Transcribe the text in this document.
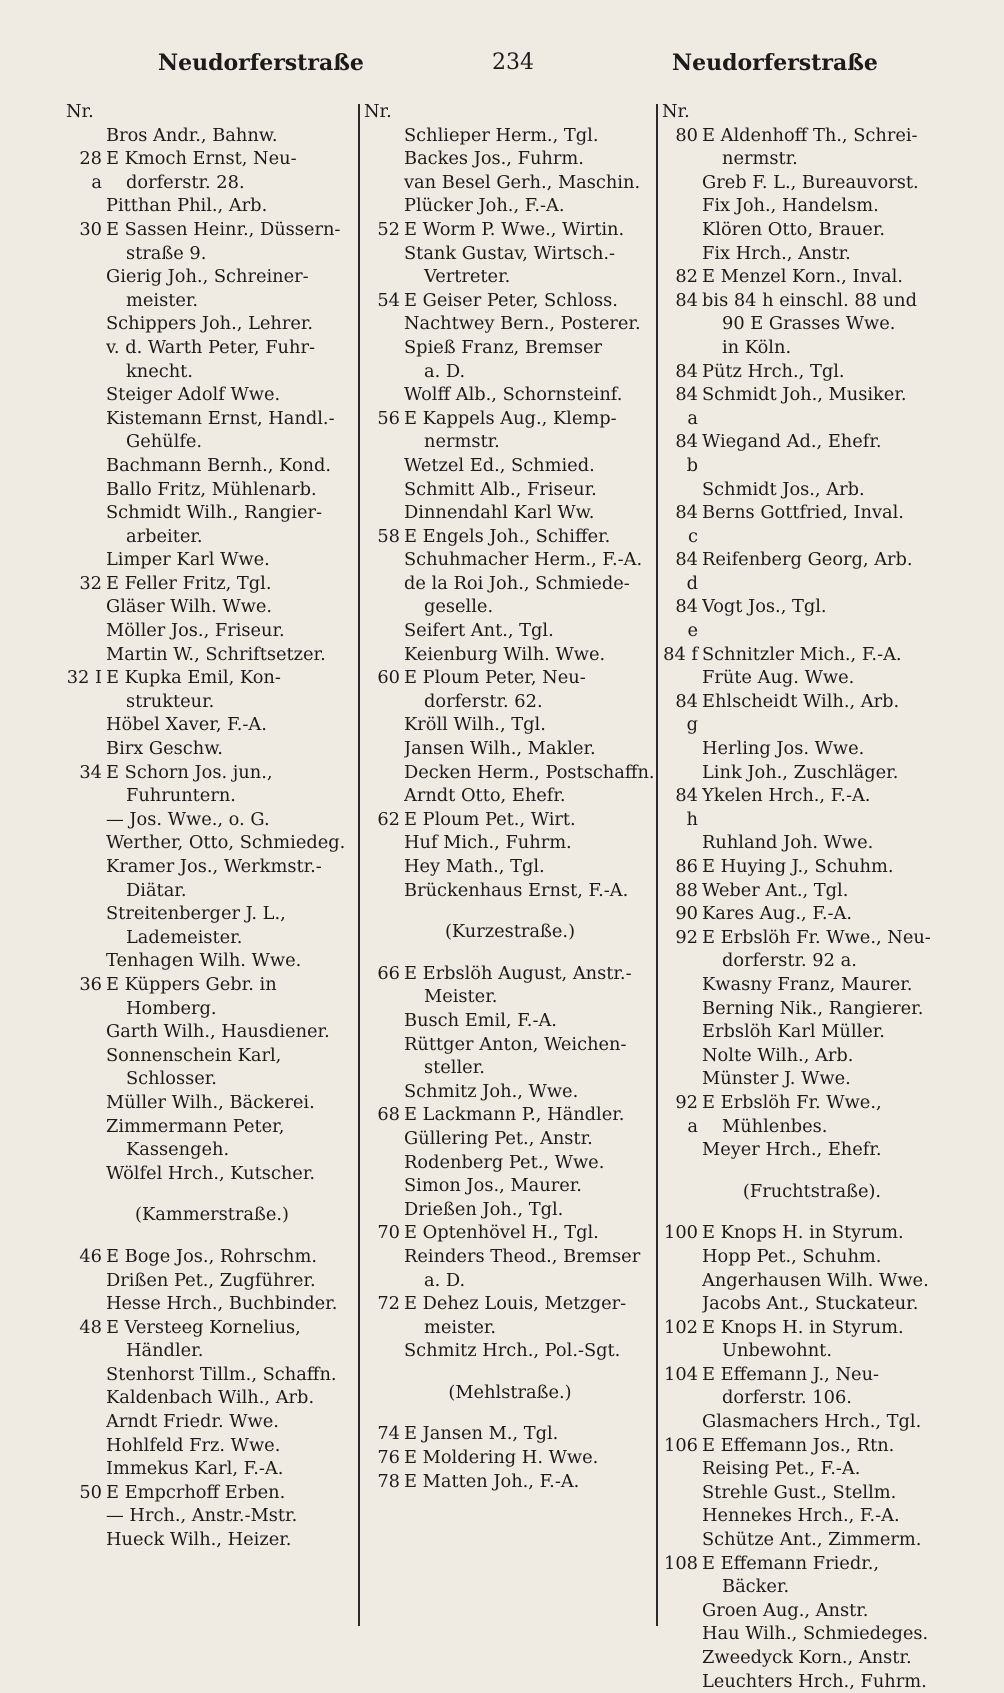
Neudorferstraße	234	Neudorferstraße
Nr.
Bros Andr., Bahnw.
28 a
E Kmoch Ernst, Neu-
dorferstr. 28.
Pitthan Phil., Arb.
30 E Sassen Heinr., Düssern-
straße 9.
Gierig Joh., Schreiner-
meister.
Schippers Joh., Lehrer.
v. d. Warth Peter, Fuhr-
knecht.
Steiger Adolf Wwe.
Kistemann Ernst, Handl.-
Gehülfe.
Bachmann Bernh., Kond.
Ballo Fritz, Mühlenarb.
Schmidt Wilh., Rangier-
arbeiter.
Limper Karl Wwe.
32 E Feller Fritz, Tgl.
Gläser Wilh. Wwe.
Möller Jos., Friseur.
Martin W., Schriftsetzer.
32 I E Kupka Emil, Kon-
strukteur.
Höbel Xaver, F.-A.
Birx Geschw.
34 E Schorn Jos. jun.,
Fuhruntern.
— Jos. Wwe., o. G.
Werther, Otto, Schmiedeg.
Kramer Jos., Werkmstr.-
Diätar.
Streitenberger J. L.,
Lademeister.
Tenhagen Wilh. Wwe.
36 E Küppers Gebr. in
Homberg.
Garth Wilh., Hausdiener.
Sonnenschein Karl,
Schlosser.
Müller Wilh., Bäckerei.
Zimmermann Peter,
Kassengeh.
Wölfel Hrch., Kutscher.
(Kammerstraße.)
46 E Boge Jos., Rohrschm.
Drißen Pet., Zugführer.
Hesse Hrch., Buchbinder.
48 E Versteeg Kornelius,
Händler.
Stenhorst Tillm., Schaffn.
Kaldenbach Wilh., Arb.
Arndt Friedr. Wwe.
Hohlfeld Frz. Wwe.
Immekus Karl, F.-A.
50 E Empcrhoff Erben.
— Hrch., Anstr.-Mstr.
Hueck Wilh., Heizer.
Nr.
Schlieper Herm., Tgl.
Backes Jos., Fuhrm.
van Besel Gerh., Maschin.
Plücker Joh., F.-A.
52 E Worm P. Wwe., Wirtin.
Stank Gustav, Wirtsch.-
Vertreter.
54 E Geiser Peter, Schloss.
Nachtwey Bern., Posterer.
Spieß Franz, Bremser
a. D.
Wolff Alb., Schornsteinf.
56 E Kappels Aug., Klemp-
nermstr.
Wetzel Ed., Schmied.
Schmitt Alb., Friseur.
Dinnendahl Karl Ww.
58 E Engels Joh., Schiffer.
Schuhmacher Herm., F.-A.
de la Roi Joh., Schmiede-
geselle.
Seifert Ant., Tgl.
Keienburg Wilh. Wwe.
60 E Ploum Peter, Neu-
dorferstr. 62.
Kröll Wilh., Tgl.
Jansen Wilh., Makler.
Decken Herm., Postschaffn.
Arndt Otto, Ehefr.
62 E Ploum Pet., Wirt.
Huf Mich., Fuhrm.
Hey Math., Tgl.
Brückenhaus Ernst, F.-A.
(Kurzestraße.)
66 E Erbslöh August, Anstr.-
Meister.
Busch Emil, F.-A.
Rüttger Anton, Weichen-
steller.
Schmitz Joh., Wwe.
68 E Lackmann P., Händler.
Güllering Pet., Anstr.
Rodenberg Pet., Wwe.
Simon Jos., Maurer.
Drießen Joh., Tgl.
70 E Optenhövel H., Tgl.
Reinders Theod., Bremser
a. D.
72 E Dehez Louis, Metzger-
meister.
Schmitz Hrch., Pol.-Sgt.
(Mehlstraße.)
74 E Jansen M., Tgl.
76 E Moldering H. Wwe.
78 E Matten Joh., F.-A.
Nr.
80 E Aldenhoff Th., Schrei-
nermstr.
Greb F. L., Bureauvorst.
Fix Joh., Handelsm.
Klören Otto, Brauer.
Fix Hrch., Anstr.
82 E Menzel Korn., Inval.
84 bis 84 h einschl. 88 und
90 E Grasses Wwe.
in Köln.
84 Pütz Hrch., Tgl.
84 a
Schmidt Joh., Musiker.
84 b
Wiegand Ad., Ehefr.
Schmidt Jos., Arb.
84 c
Berns Gottfried, Inval.
84 d
Reifenberg Georg, Arb.
84 e
Vogt Jos., Tgl.
84 f Schnitzler Mich., F.-A.
Früte Aug. Wwe.
84 g
Ehlscheidt Wilh., Arb.
Herling Jos. Wwe.
Link Joh., Zuschläger.
84 h
Ykelen Hrch., F.-A.
Ruhland Joh. Wwe.
86 E Huying J., Schuhm.
88 Weber Ant., Tgl.
90 Kares Aug., F.-A.
92 E Erbslöh Fr. Wwe., Neu-
dorferstr. 92 a.
Kwasny Franz, Maurer.
Berning Nik., Rangierer.
Erbslöh Karl Müller.
Nolte Wilh., Arb.
Münster J. Wwe.
92 a
E Erbslöh Fr. Wwe.,
Mühlenbes.
Meyer Hrch., Ehefr.
(Fruchtstraße).
100 E Knops H. in Styrum.
Hopp Pet., Schuhm.
Angerhausen Wilh. Wwe.
Jacobs Ant., Stuckateur.
102 E Knops H. in Styrum.
Unbewohnt.
104 E Effemann J., Neu-
dorferstr. 106.
Glasmachers Hrch., Tgl.
106 E Effemann Jos., Rtn.
Reising Pet., F.-A.
Strehle Gust., Stellm.
Hennekes Hrch., F.-A.
Schütze Ant., Zimmerm.
108 E Effemann Friedr.,
Bäcker.
Groen Aug., Anstr.
Hau Wilh., Schmiedeges.
Zweedyck Korn., Anstr.
Leuchters Hrch., Fuhrm.
